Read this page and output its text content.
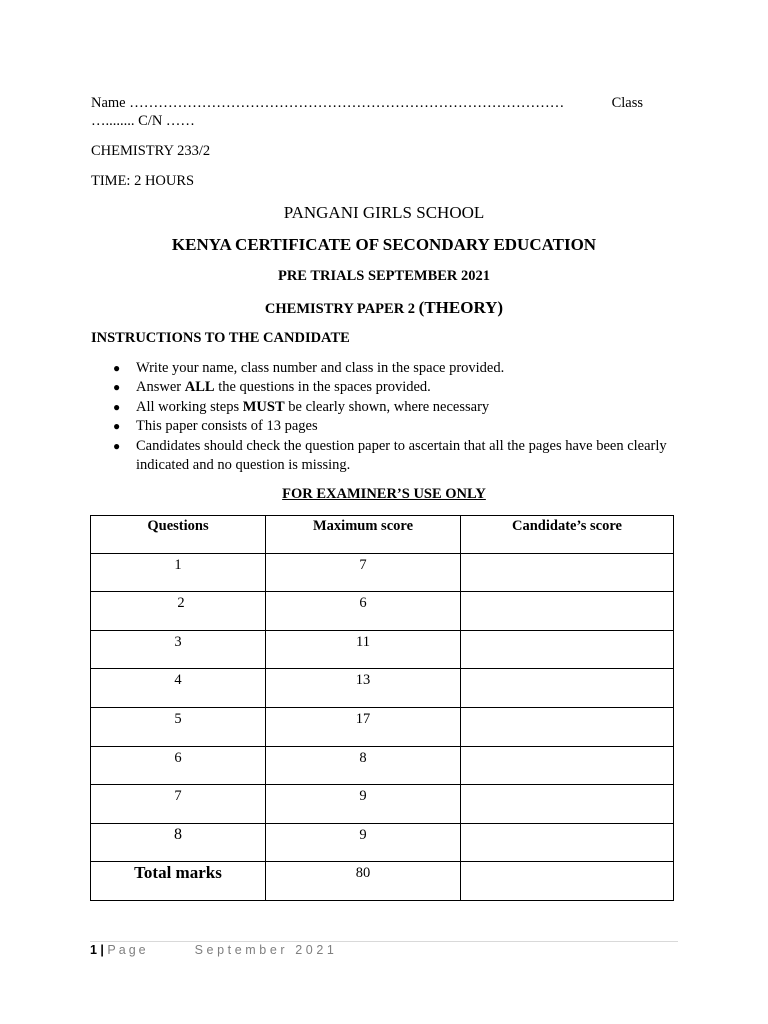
Name ………………………………………………………………………………	Class
…........ C/N ……
CHEMISTRY 233/2
TIME: 2 HOURS
PANGANI GIRLS SCHOOL
KENYA CERTIFICATE OF SECONDARY EDUCATION
PRE TRIALS SEPTEMBER 2021
CHEMISTRY PAPER 2 (THEORY)
INSTRUCTIONS TO THE CANDIDATE
● Write your name, class number and class in the space provided.
● Answer ALL the questions in the spaces provided.
● All working steps MUST be clearly shown, where necessary
● This paper consists of 13 pages
● Candidates should check the question paper to ascertain that all the pages have been clearly indicated and no question is missing.
FOR EXAMINER’S USE ONLY
Questions	Maximum score	Candidate’s score
1	7	
2	6	
3	11	
4	13	
5	17	
6	8	
7	9	
8	9	
Total marks	80	
1 | Page	September 2021
